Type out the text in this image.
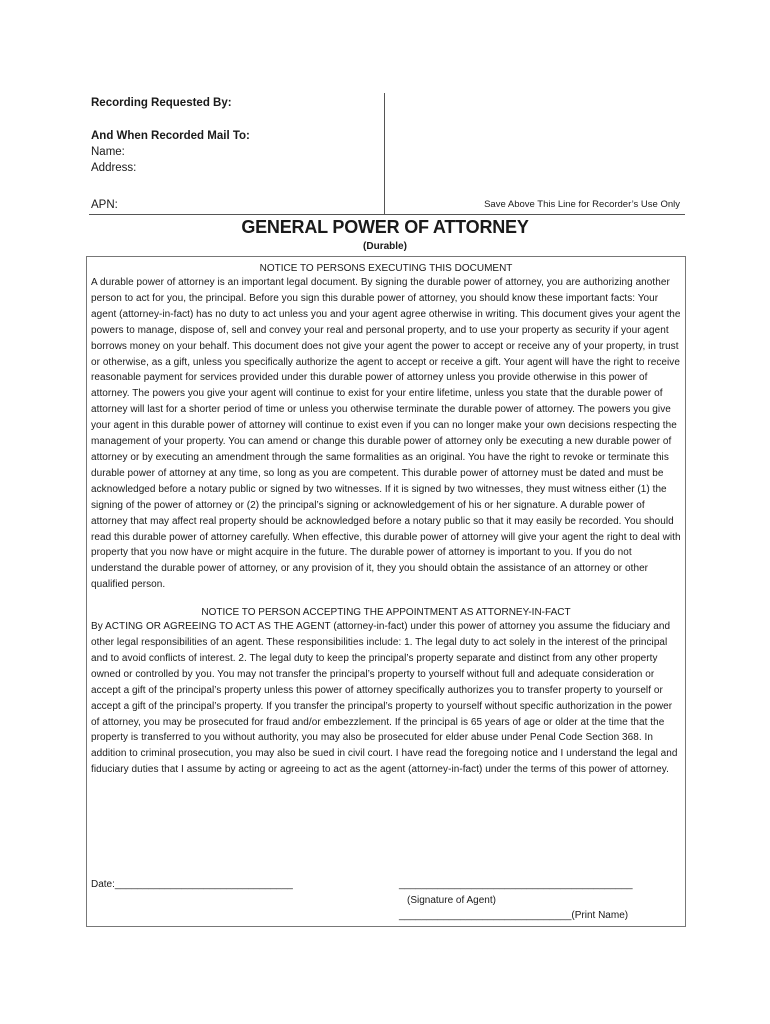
Recording Requested By:
And When Recorded Mail To:
Name:
Address:
APN:	Save Above This Line for Recorder’s Use Only
GENERAL POWER OF ATTORNEY
(Durable)
NOTICE TO PERSONS EXECUTING THIS DOCUMENT

A durable power of attorney is an important legal document. By signing the durable power of attorney, you are authorizing another person to act for you, the principal. Before you sign this durable power of attorney, you should know these important facts: Your agent (attorney-in-fact) has no duty to act unless you and your agent agree otherwise in writing. This document gives your agent the powers to manage, dispose of, sell and convey your real and personal property, and to use your property as security if your agent borrows money on your behalf. This document does not give your agent the power to accept or receive any of your property, in trust or otherwise, as a gift, unless you specifically authorize the agent to accept or receive a gift. Your agent will have the right to receive reasonable payment for services provided under this durable power of attorney unless you provide otherwise in this power of attorney. The powers you give your agent will continue to exist for your entire lifetime, unless you state that the durable power of attorney will last for a shorter period of time or unless you otherwise terminate the durable power of attorney. The powers you give your agent in this durable power of attorney will continue to exist even if you can no longer make your own decisions respecting the management of your property. You can amend or change this durable power of attorney only be executing a new durable power of attorney or by executing an amendment through the same formalities as an original. You have the right to revoke or terminate this durable power of attorney at any time, so long as you are competent. This durable power of attorney must be dated and must be acknowledged before a notary public or signed by two witnesses. If it is signed by two witnesses, they must witness either (1) the signing of the power of attorney or (2) the principal’s signing or acknowledgement of his or her signature. A durable power of attorney that may affect real property should be acknowledged before a notary public so that it may easily be recorded. You should read this durable power of attorney carefully. When effective, this durable power of attorney will give your agent the right to deal with property that you now have or might acquire in the future. The durable power of attorney is important to you. If you do not understand the durable power of attorney, or any provision of it, they you should obtain the assistance of an attorney or other qualified person.

NOTICE TO PERSON ACCEPTING THE APPOINTMENT AS ATTORNEY-IN-FACT

By ACTING OR AGREEING TO ACT AS THE AGENT (attorney-in-fact) under this power of attorney you assume the fiduciary and other legal responsibilities of an agent. These responsibilities include: 1. The legal duty to act solely in the interest of the principal and to avoid conflicts of interest. 2. The legal duty to keep the principal’s property separate and distinct from any other property owned or controlled by you. You may not transfer the principal’s property to yourself without full and adequate consideration or accept a gift of the principal’s property unless this power of attorney specifically authorizes you to transfer property to yourself or accept a gift of the principal’s property. If you transfer the principal’s property to yourself without specific authorization in the power of attorney, you may be prosecuted for fraud and/or embezzlement. If the principal is 65 years of age or older at the time that the property is transferred to you without authority, you may also be prosecuted for elder abuse under Penal Code Section 368. In addition to criminal prosecution, you may also be sued in civil court. I have read the foregoing notice and I understand the legal and fiduciary duties that I assume by acting or agreeing to act as the agent (attorney-in-fact) under the terms of this power of attorney.

Date:________________________________	__________________________________________
(Signature of Agent)
_______________________________(Print Name)
